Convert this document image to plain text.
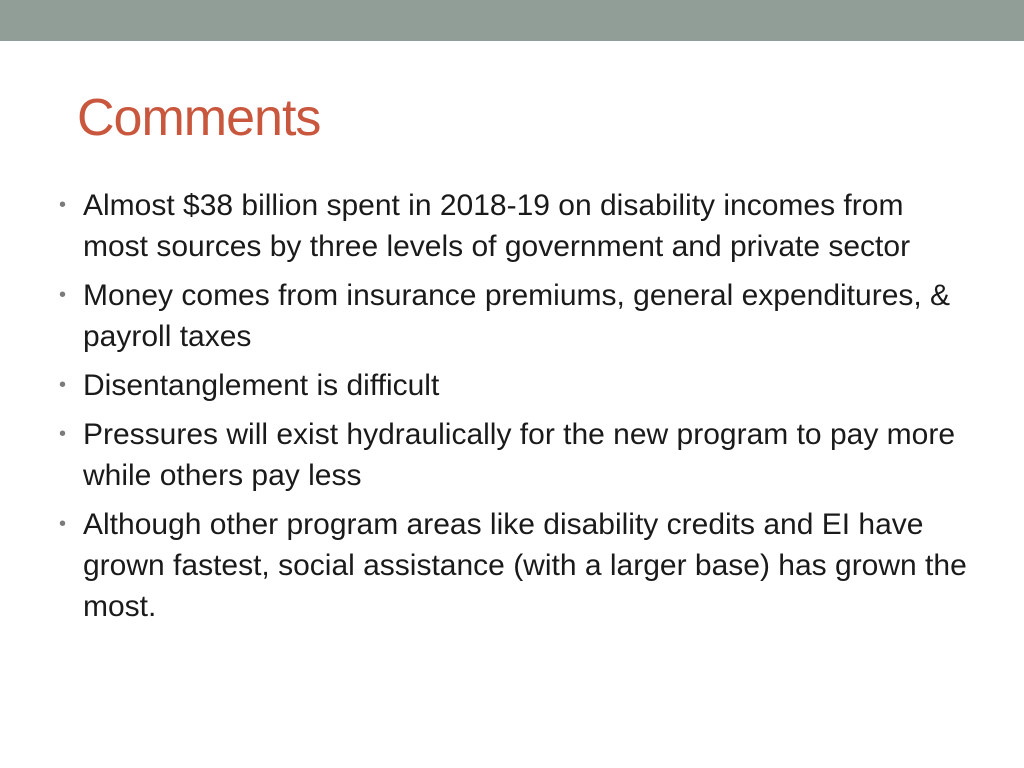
Comments
• Almost $38 billion spent in 2018-19 on disability incomes from most sources by three levels of government and private sector
• Money comes from insurance premiums, general expenditures, & payroll taxes
• Disentanglement is difficult
• Pressures will exist hydraulically for the new program to pay more while others pay less
• Although other program areas like disability credits and EI have grown fastest, social assistance (with a larger base) has grown the most.
